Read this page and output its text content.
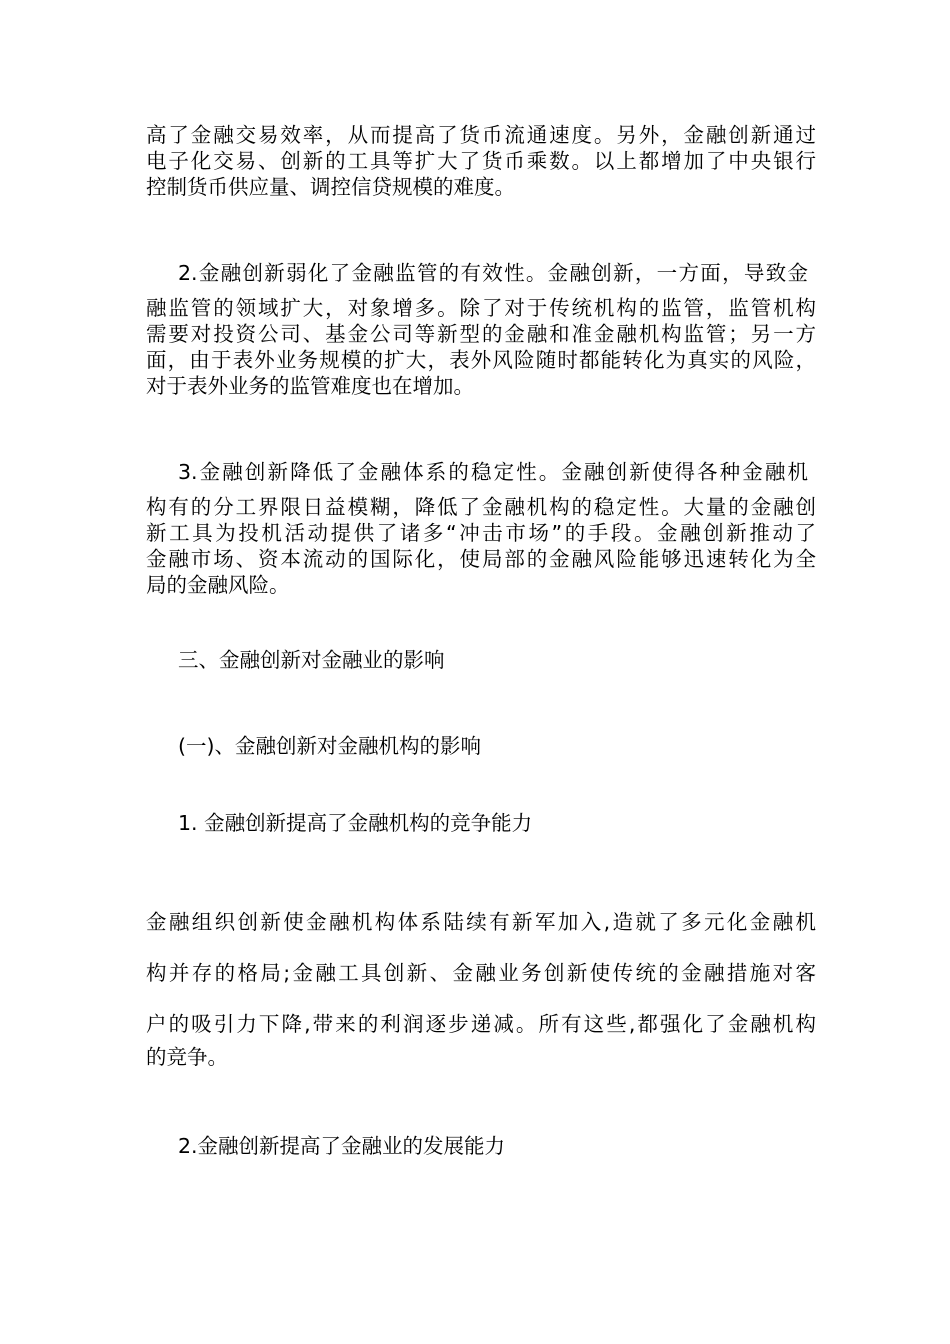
高了金融交易效率，从而提高了货币流通速度。另外，金融创新通过
电子化交易、创新的工具等扩大了货币乘数。以上都增加了中央银行
控制货币供应量、调控信贷规模的难度。
2.金融创新弱化了金融监管的有效性。金融创新，一方面，导致金
融监管的领域扩大，对象增多。除了对于传统机构的监管，监管机构
需要对投资公司、基金公司等新型的金融和准金融机构监管；另一方
面，由于表外业务规模的扩大，表外风险随时都能转化为真实的风险，
对于表外业务的监管难度也在增加。
3.金融创新降低了金融体系的稳定性。金融创新使得各种金融机
构有的分工界限日益模糊，降低了金融机构的稳定性。大量的金融创
新工具为投机活动提供了诸多“冲击市场”的手段。金融创新推动了
金融市场、资本流动的国际化，使局部的金融风险能够迅速转化为全
局的金融风险。
三、金融创新对金融业的影响
(一)、金融创新对金融机构的影响
1. 金融创新提高了金融机构的竞争能力
金融组织创新使金融机构体系陆续有新军加入,造就了多元化金融机
构并存的格局;金融工具创新、金融业务创新使传统的金融措施对客
户的吸引力下降,带来的利润逐步递减。所有这些,都强化了金融机构
的竞争。
2.金融创新提高了金融业的发展能力
